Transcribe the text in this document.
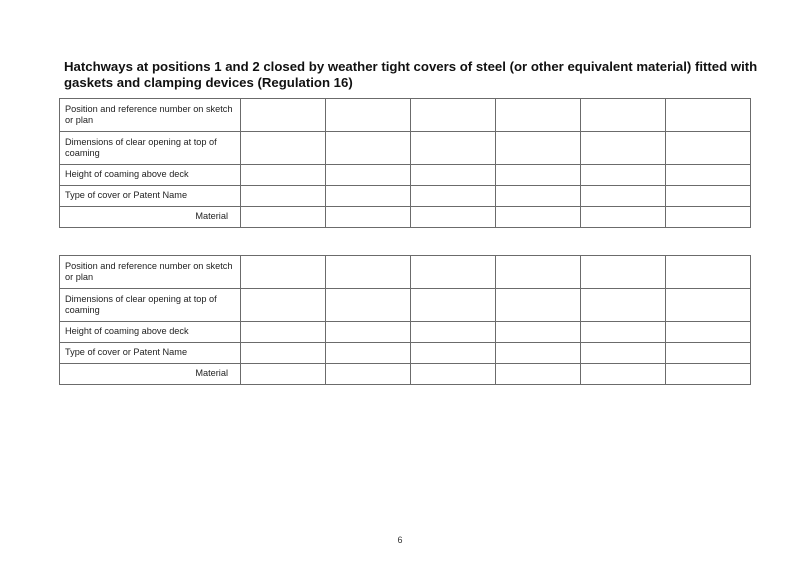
Hatchways at positions 1 and 2 closed by weather tight covers of steel (or other equivalent material) fitted with gaskets and clamping devices (Regulation 16)
Position and reference number on sketch or plan						
Dimensions of clear opening at top of coaming						
Height of coaming above deck						
Type of cover or Patent Name						
Material						
Position and reference number on sketch or plan						
Dimensions of clear opening at top of coaming						
Height of coaming above deck						
Type of cover or Patent Name						
Material						
6
